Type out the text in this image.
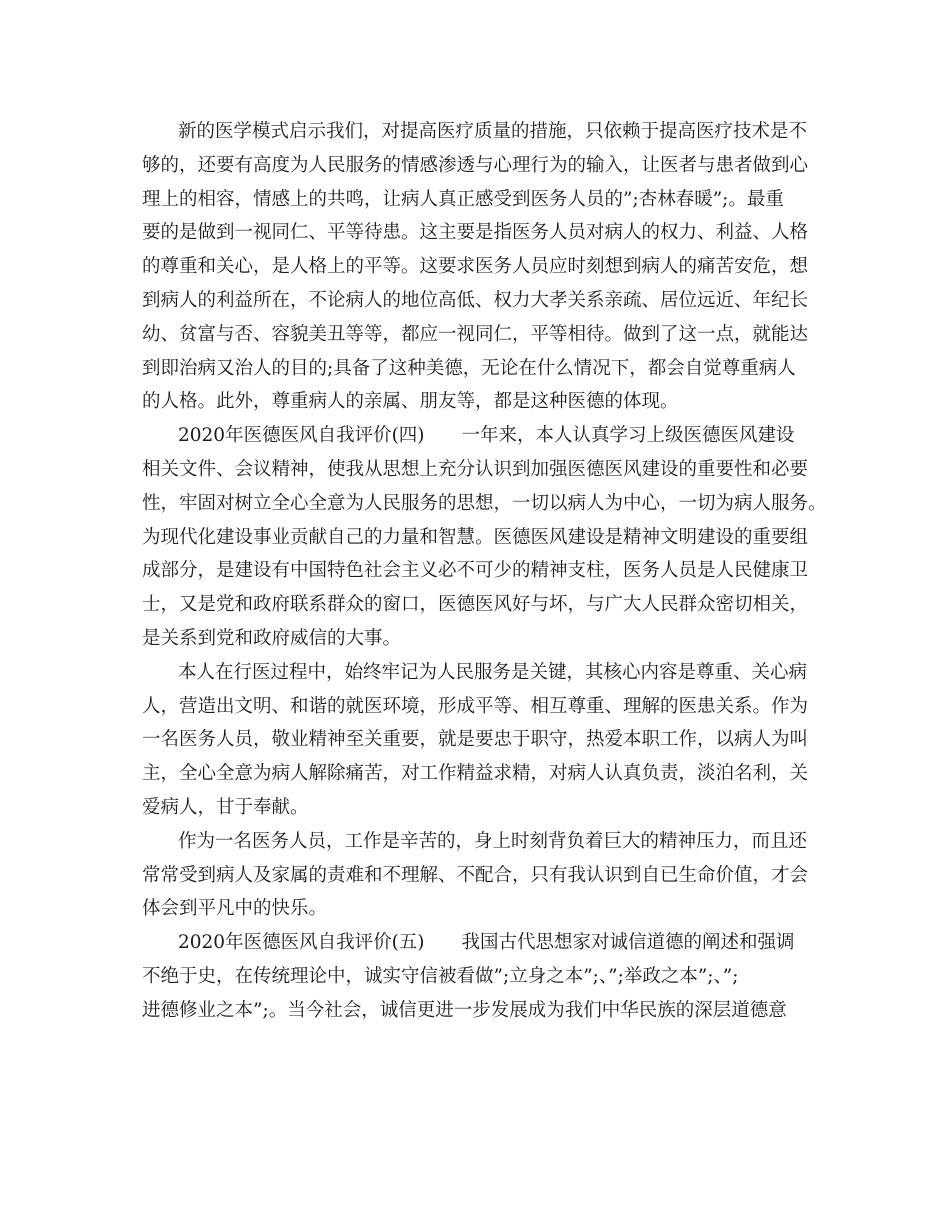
新的医学模式启示我们，对提高医疗质量的措施，只依赖于提高医疗技术是不
够的，还要有高度为人民服务的情感渗透与心理行为的输入，让医者与患者做到心
理上的相容，情感上的共鸣，让病人真正感受到医务人员的”;杏林春暖”;。最重
要的是做到一视同仁、平等待患。这主要是指医务人员对病人的权力、利益、人格
的尊重和关心，是人格上的平等。这要求医务人员应时刻想到病人的痛苦安危，想
到病人的利益所在，不论病人的地位高低、权力大孝关系亲疏、居位远近、年纪长
幼、贫富与否、容貌美丑等等，都应一视同仁，平等相待。做到了这一点，就能达
到即治病又治人的目的;具备了这种美德，无论在什么情况下，都会自觉尊重病人
的人格。此外，尊重病人的亲属、朋友等，都是这种医德的体现。
2020年医德医风自我评价(四)　　一年来，本人认真学习上级医德医风建设
相关文件、会议精神，使我从思想上充分认识到加强医德医风建设的重要性和必要
性，牢固对树立全心全意为人民服务的思想，一切以病人为中心，一切为病人服务。
为现代化建设事业贡献自己的力量和智慧。医德医风建设是精神文明建设的重要组
成部分，是建设有中国特色社会主义必不可少的精神支柱，医务人员是人民健康卫
士，又是党和政府联系群众的窗口，医德医风好与坏，与广大人民群众密切相关，
是关系到党和政府威信的大事。
本人在行医过程中，始终牢记为人民服务是关键，其核心内容是尊重、关心病
人，营造出文明、和谐的就医环境，形成平等、相互尊重、理解的医患关系。作为
一名医务人员，敬业精神至关重要，就是要忠于职守，热爱本职工作，以病人为叫
主，全心全意为病人解除痛苦，对工作精益求精，对病人认真负责，淡泊名利，关
爱病人，甘于奉献。
作为一名医务人员，工作是辛苦的，身上时刻背负着巨大的精神压力，而且还
常常受到病人及家属的责难和不理解、不配合，只有我认识到自已生命价值，才会
体会到平凡中的快乐。
2020年医德医风自我评价(五)　　我国古代思想家对诚信道德的阐述和强调
不绝于史，在传统理论中，诚实守信被看做”;立身之本”;、”;举政之本”;、”;
进德修业之本”;。当今社会，诚信更进一步发展成为我们中华民族的深层道德意
